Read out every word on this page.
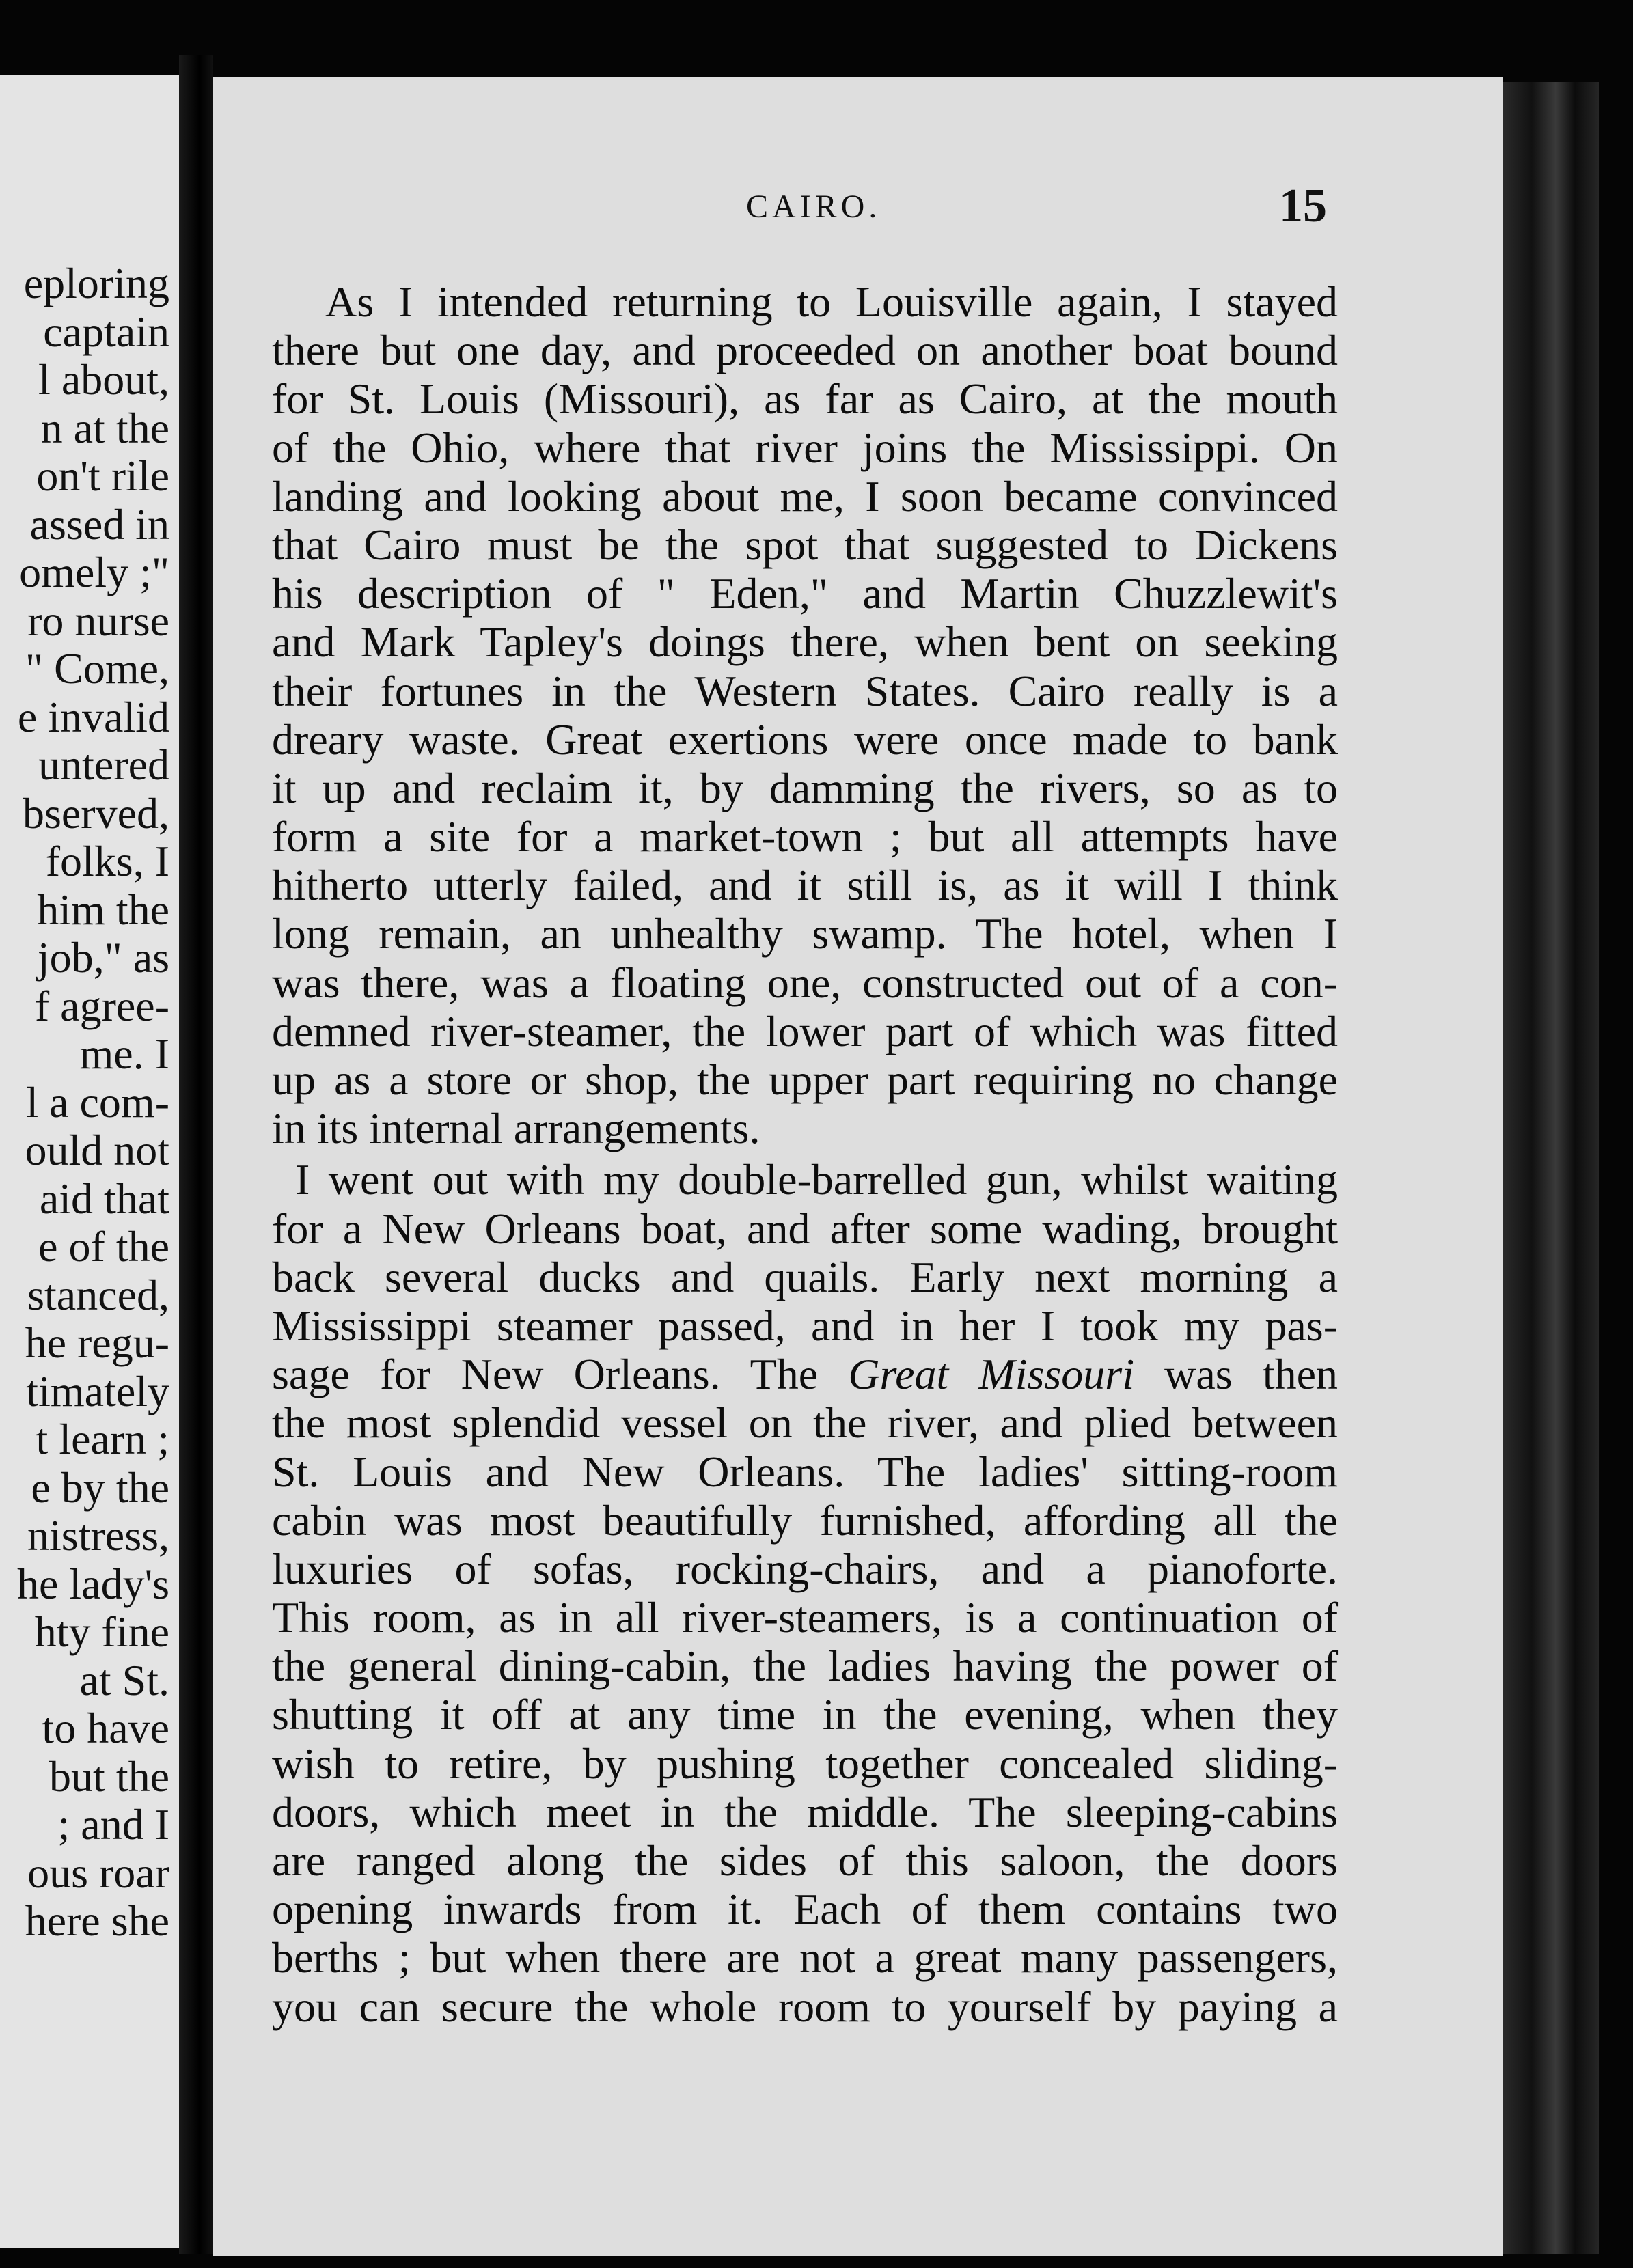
eploring
captain
l about,
n at the
on't rile
assed in
omely ;"
ro nurse
" Come,
e invalid
untered
bserved,
folks, I
him the
job," as
f agree-
me. I
l a com-
ould not
aid that
e of the
stanced,
he regu-
timately
t learn ;
e by the
nistress,
he lady's
hty fine
at St.
to have
but the
; and I
ous roar
here she
CAIRO.	15
As I intended returning to Louisville again, I stayed
there but one day, and proceeded on another boat bound
for St. Louis (Missouri), as far as Cairo, at the mouth
of the Ohio, where that river joins the Mississippi. On
landing and looking about me, I soon became convinced
that Cairo must be the spot that suggested to Dickens
his description of " Eden," and Martin Chuzzlewit's
and Mark Tapley's doings there, when bent on seeking
their fortunes in the Western States. Cairo really is a
dreary waste. Great exertions were once made to bank
it up and reclaim it, by damming the rivers, so as to
form a site for a market-town ; but all attempts have
hitherto utterly failed, and it still is, as it will I think
long remain, an unhealthy swamp. The hotel, when I
was there, was a floating one, constructed out of a con-
demned river-steamer, the lower part of which was fitted
up as a store or shop, the upper part requiring no change
in its internal arrangements.
I went out with my double-barrelled gun, whilst waiting
for a New Orleans boat, and after some wading, brought
back several ducks and quails. Early next morning a
Mississippi steamer passed, and in her I took my pas-
sage for New Orleans. The Great Missouri was then
the most splendid vessel on the river, and plied between
St. Louis and New Orleans. The ladies' sitting-room
cabin was most beautifully furnished, affording all the
luxuries of sofas, rocking-chairs, and a pianoforte.
This room, as in all river-steamers, is a continuation of
the general dining-cabin, the ladies having the power of
shutting it off at any time in the evening, when they
wish to retire, by pushing together concealed sliding-
doors, which meet in the middle. The sleeping-cabins
are ranged along the sides of this saloon, the doors
opening inwards from it. Each of them contains two
berths ; but when there are not a great many passengers,
you can secure the whole room to yourself by paying a
